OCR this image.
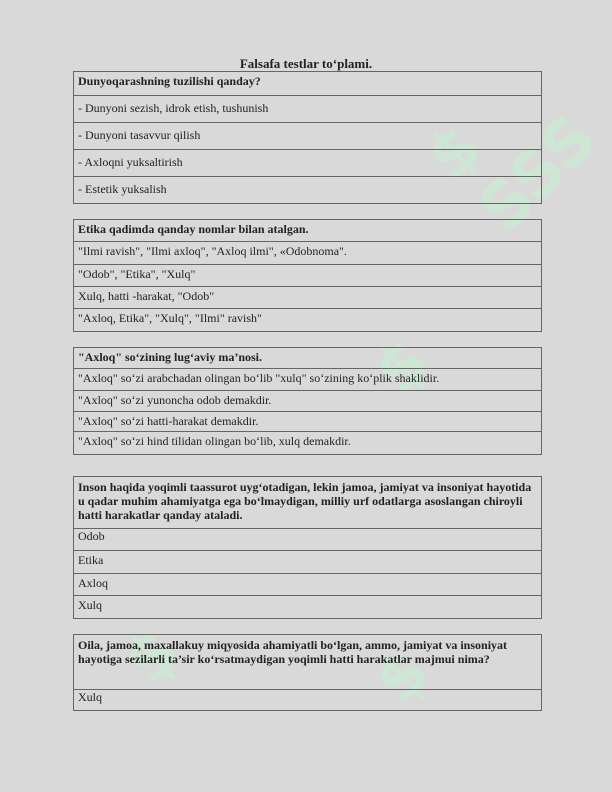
$ SSS
$
$	$
Falsafa testlar to‘plami.
Dunyoqarashning tuzilishi qanday?
- Dunyoni sezish, idrok etish, tushunish
- Dunyoni tasavvur qilish
- Axloqni yuksaltirish
- Estetik yuksalish
Etika qadimda qanday nomlar bilan atalgan.
"Ilmi ravish", "Ilmi axloq", "Axloq ilmi", «Odobnoma".
"Odob", "Etika", "Xulq"
Xulq, hatti -harakat, "Odob"
"Axloq, Etika", "Xulq", "Ilmi" ravish"
"Axloq" so‘zining lug‘aviy ma’nosi.
"Axloq" so‘zi arabchadan olingan bo‘lib "xulq" so‘zining ko‘plik shaklidir.
"Axloq" so‘zi yunoncha odob demakdir.
"Axloq" so‘zi hatti-harakat demakdir.
"Axloq" so‘zi hind tilidan olingan bo‘lib, xulq demakdir.
Inson haqida yoqimli taassurot uyg‘otadigan, lekin jamoa, jamiyat va insoniyat hayotida u qadar muhim ahamiyatga ega bo‘lmaydigan, milliy urf odatlarga asoslangan chiroyli hatti harakatlar qanday ataladi.
Odob
Etika
Axloq
Xulq
Oila, jamoa, maxallakuy miqyosida ahamiyatli bo‘lgan, ammo, jamiyat va insoniyat hayotiga sezilarli ta’sir ko‘rsatmaydigan yoqimli hatti harakatlar majmui nima?
Xulq
